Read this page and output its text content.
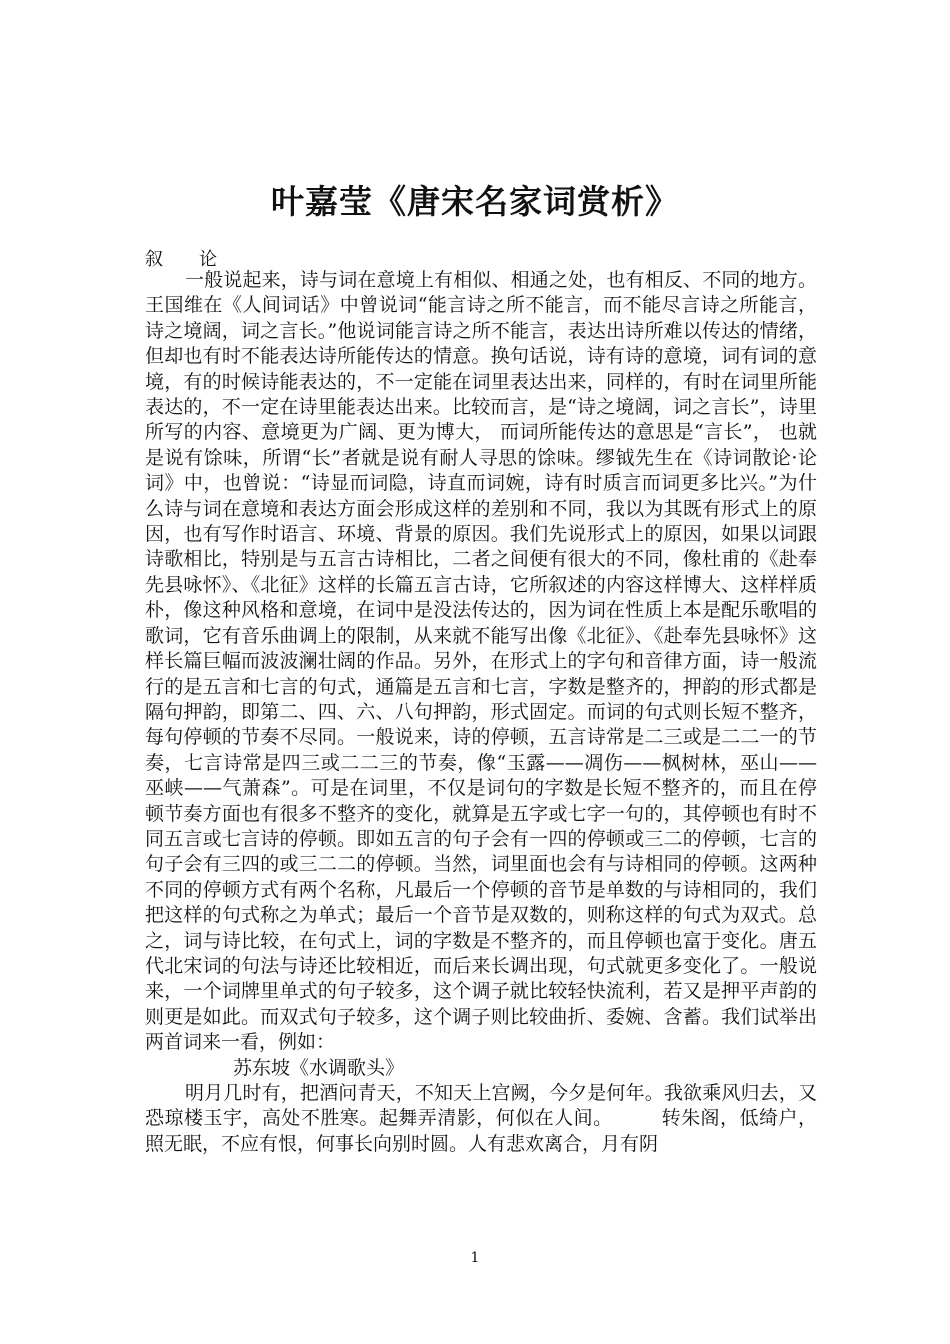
叶嘉莹《唐宋名家词赏析》
叙论

一般说起来，诗与词在意境上有相似、相通之处，也有相反、不同的地方。王国维在《人间词话》中曾说词“能言诗之所不能言，而不能尽言诗之所能言，诗之境阔，词之言长。”他说词能言诗之所不能言，表达出诗所难以传达的情绪，但却也有时不能表达诗所能传达的情意。换句话说，诗有诗的意境，词有词的意境，有的时候诗能表达的，不一定能在词里表达出来，同样的，有时在词里所能表达的，不一定在诗里能表达出来。比较而言，是“诗之境阔，词之言长”，诗里所写的内容、意境更为广阔、更为博大， 而词所能传达的意思是“言长”， 也就是说有馀味，所谓“长”者就是说有耐人寻思的馀味。缪钺先生在《诗词散论·论词》中，也曾说：“诗显而词隐，诗直而词婉，诗有时质言而词更多比兴。”为什么诗与词在意境和表达方面会形成这样的差别和不同，我以为其既有形式上的原因，也有写作时语言、环境、背景的原因。我们先说形式上的原因，如果以词跟诗歌相比，特别是与五言古诗相比，二者之间便有很大的不同，像杜甫的《赴奉先县咏怀》、《北征》这样的长篇五言古诗，它所叙述的内容这样博大、这样样质朴，像这种风格和意境，在词中是没法传达的，因为词在性质上本是配乐歌唱的歌词，它有音乐曲调上的限制，从来就不能写出像《北征》、《赴奉先县咏怀》这样长篇巨幅而波波澜壮阔的作品。另外，在形式上的字句和音律方面，诗一般流行的是五言和七言的句式，通篇是五言和七言，字数是整齐的，押韵的形式都是隔句押韵，即第二、四、六、八句押韵，形式固定。而词的句式则长短不整齐，每句停顿的节奏不尽同。一般说来，诗的停顿，五言诗常是二三或是二二一的节奏，七言诗常是四三或二二三的节奏，像“玉露——凋伤——枫树林，巫山——巫峡——气萧森”。可是在词里，不仅是词句的字数是长短不整齐的，而且在停顿节奏方面也有很多不整齐的变化，就算是五字或七字一句的，其停顿也有时不同五言或七言诗的停顿。即如五言的句子会有一四的停顿或三二的停顿，七言的句子会有三四的或三二二的停顿。当然，词里面也会有与诗相同的停顿。这两种不同的停顿方式有两个名称，凡最后一个停顿的音节是单数的与诗相同的，我们把这样的句式称之为单式；最后一个音节是双数的，则称这样的句式为双式。总之，词与诗比较，在句式上，词的字数是不整齐的，而且停顿也富于变化。唐五代北宋词的句法与诗还比较相近，而后来长调出现，句式就更多变化了。一般说来，一个词牌里单式的句子较多，这个调子就比较轻快流利，若又是押平声韵的则更是如此。而双式句子较多，这个调子则比较曲折、委婉、含蓄。我们试举出两首词来一看，例如：

苏东坡《水调歌头》

明月几时有，把酒问青天，不知天上宫阙，今夕是何年。我欲乘风归去，又恐琼楼玉宇，高处不胜寒。起舞弄清影，何似在人间。　　　转朱阁，低绮户，照无眠，不应有恨，何事长向别时圆。人有悲欢离合，月有阴

1
